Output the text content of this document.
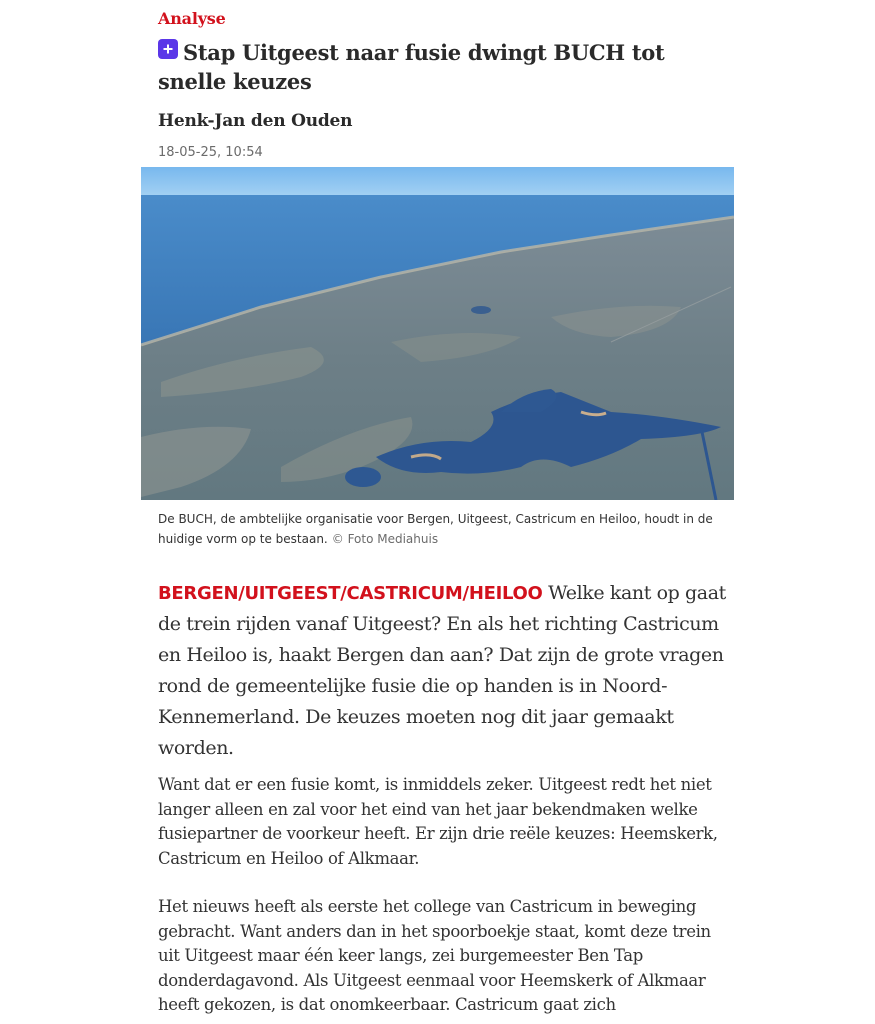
Analyse
Stap Uitgeest naar fusie dwingt BUCH tot snelle keuzes
Henk-Jan den Ouden
18-05-25, 10:54
De BUCH, de ambtelijke organisatie voor Bergen, Uitgeest, Castricum en Heiloo, houdt in de huidige vorm op te bestaan. © Foto Mediahuis

BERGEN/UITGEEST/CASTRICUM/HEILOO Welke kant op gaat de trein rijden vanaf Uitgeest? En als het richting Castricum en Heiloo is, haakt Bergen dan aan? Dat zijn de grote vragen rond de gemeentelijke fusie die op handen is in Noord-Kennemerland. De keuzes moeten nog dit jaar gemaakt worden.

Want dat er een fusie komt, is inmiddels zeker. Uitgeest redt het niet langer alleen en zal voor het eind van het jaar bekendmaken welke fusiepartner de voorkeur heeft. Er zijn drie reële keuzes: Heemskerk, Castricum en Heiloo of Alkmaar.

Het nieuws heeft als eerste het college van Castricum in beweging gebracht. Want anders dan in het spoorboekje staat, komt deze trein uit Uitgeest maar één keer langs, zei burgemeester Ben Tap donderdagavond. Als Uitgeest eenmaal voor Heemskerk of Alkmaar heeft gekozen, is dat onomkeerbaar. Castricum gaat zich
